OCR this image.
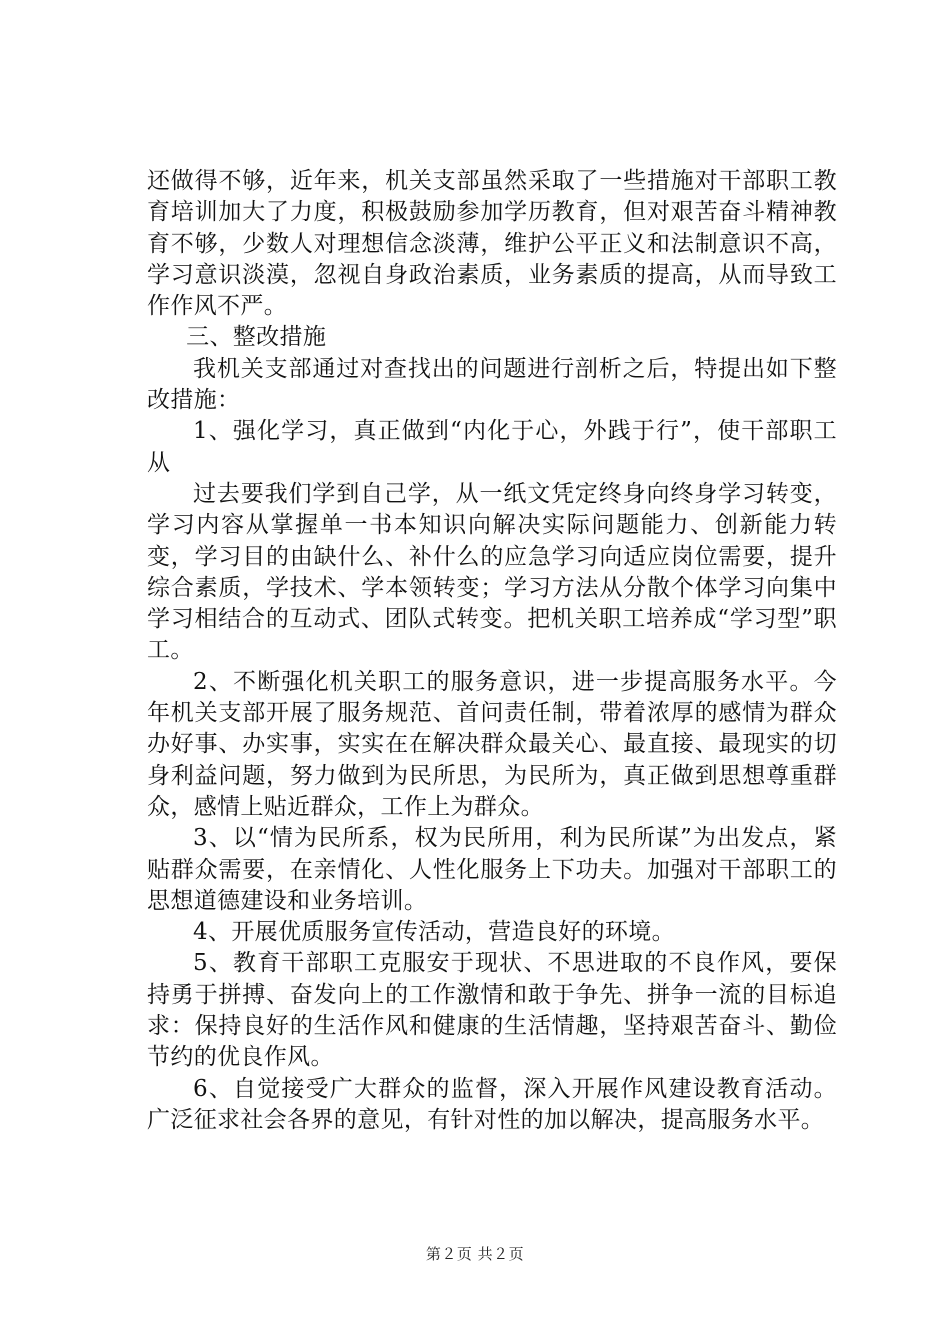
还做得不够，近年来，机关支部虽然采取了一些措施对干部职工教育培训加大了力度，积极鼓励参加学历教育，但对艰苦奋斗精神教育不够，少数人对理想信念淡薄，维护公平正义和法制意识不高，学习意识淡漠，忽视自身政治素质，业务素质的提高，从而导致工作作风不严。

三、整改措施

我机关支部通过对查找出的问题进行剖析之后，特提出如下整改措施：

1、强化学习，真正做到“内化于心，外践于行”，使干部职工从

过去要我们学到自己学，从一纸文凭定终身向终身学习转变，学习内容从掌握单一书本知识向解决实际问题能力、创新能力转变，学习目的由缺什么、补什么的应急学习向适应岗位需要，提升综合素质，学技术、学本领转变；学习方法从分散个体学习向集中学习相结合的互动式、团队式转变。把机关职工培养成“学习型”职工。

2、不断强化机关职工的服务意识，进一步提高服务水平。今年机关支部开展了服务规范、首问责任制，带着浓厚的感情为群众办好事、办实事，实实在在解决群众最关心、最直接、最现实的切身利益问题，努力做到为民所思，为民所为，真正做到思想尊重群众，感情上贴近群众，工作上为群众。

3、以“情为民所系，权为民所用，利为民所谋”为出发点，紧贴群众需要，在亲情化、人性化服务上下功夫。加强对干部职工的思想道德建设和业务培训。

4、开展优质服务宣传活动，营造良好的环境。

5、教育干部职工克服安于现状、不思进取的不良作风，要保持勇于拼搏、奋发向上的工作激情和敢于争先、拼争一流的目标追求：保持良好的生活作风和健康的生活情趣，坚持艰苦奋斗、勤俭节约的优良作风。

6、自觉接受广大群众的监督，深入开展作风建设教育活动。广泛征求社会各界的意见，有针对性的加以解决，提高服务水平。

第２页 共２页
